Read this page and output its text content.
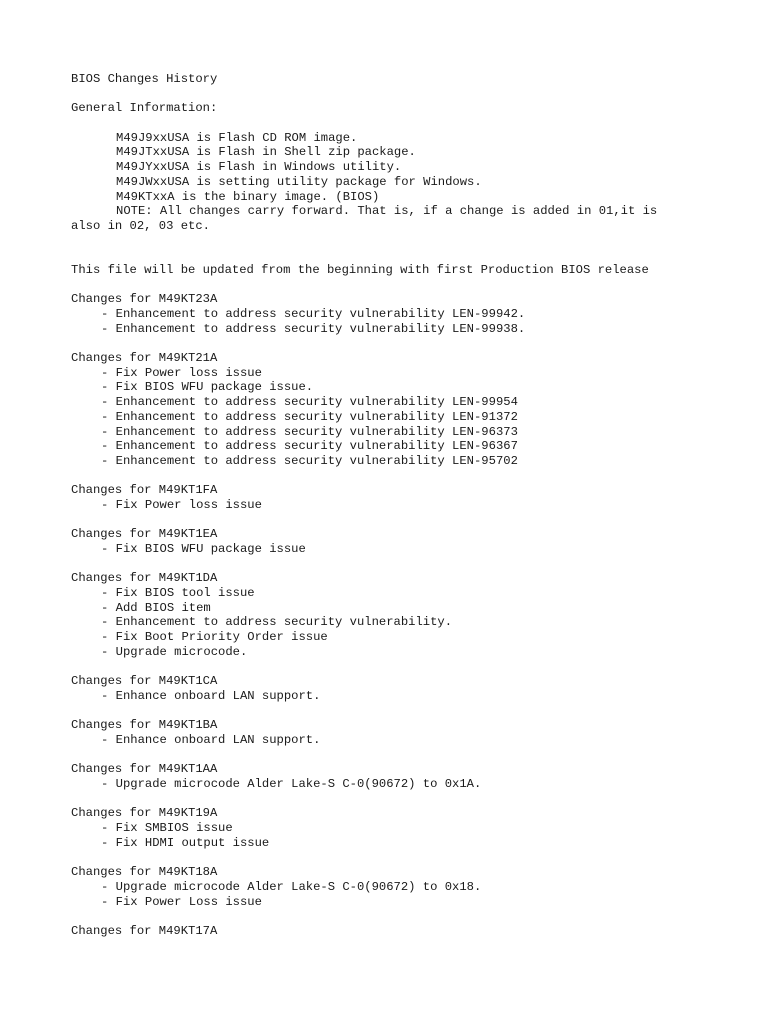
BIOS Changes History
General Information:
M49J9xxUSA is Flash CD ROM image.
M49JTxxUSA is Flash in Shell zip package.
M49JYxxUSA is Flash in Windows utility.
M49JWxxUSA is setting utility package for Windows.
M49KTxxA is the binary image. (BIOS)
NOTE: All changes carry forward. That is, if a change is added in 01,it is
also in 02, 03 etc.
This file will be updated from the beginning with first Production BIOS release
Changes for M49KT23A
- Enhancement to address security vulnerability LEN-99942.
- Enhancement to address security vulnerability LEN-99938.
Changes for M49KT21A
- Fix Power loss issue
- Fix BIOS WFU package issue.
- Enhancement to address security vulnerability LEN-99954
- Enhancement to address security vulnerability LEN-91372
- Enhancement to address security vulnerability LEN-96373
- Enhancement to address security vulnerability LEN-96367
- Enhancement to address security vulnerability LEN-95702
Changes for M49KT1FA
- Fix Power loss issue
Changes for M49KT1EA
- Fix BIOS WFU package issue
Changes for M49KT1DA
- Fix BIOS tool issue
- Add BIOS item
- Enhancement to address security vulnerability.
- Fix Boot Priority Order issue
- Upgrade microcode.
Changes for M49KT1CA
- Enhance onboard LAN support.
Changes for M49KT1BA
- Enhance onboard LAN support.
Changes for M49KT1AA
- Upgrade microcode Alder Lake-S C-0(90672) to 0x1A.
Changes for M49KT19A
- Fix SMBIOS issue
- Fix HDMI output issue
Changes for M49KT18A
- Upgrade microcode Alder Lake-S C-0(90672) to 0x18.
- Fix Power Loss issue
Changes for M49KT17A
